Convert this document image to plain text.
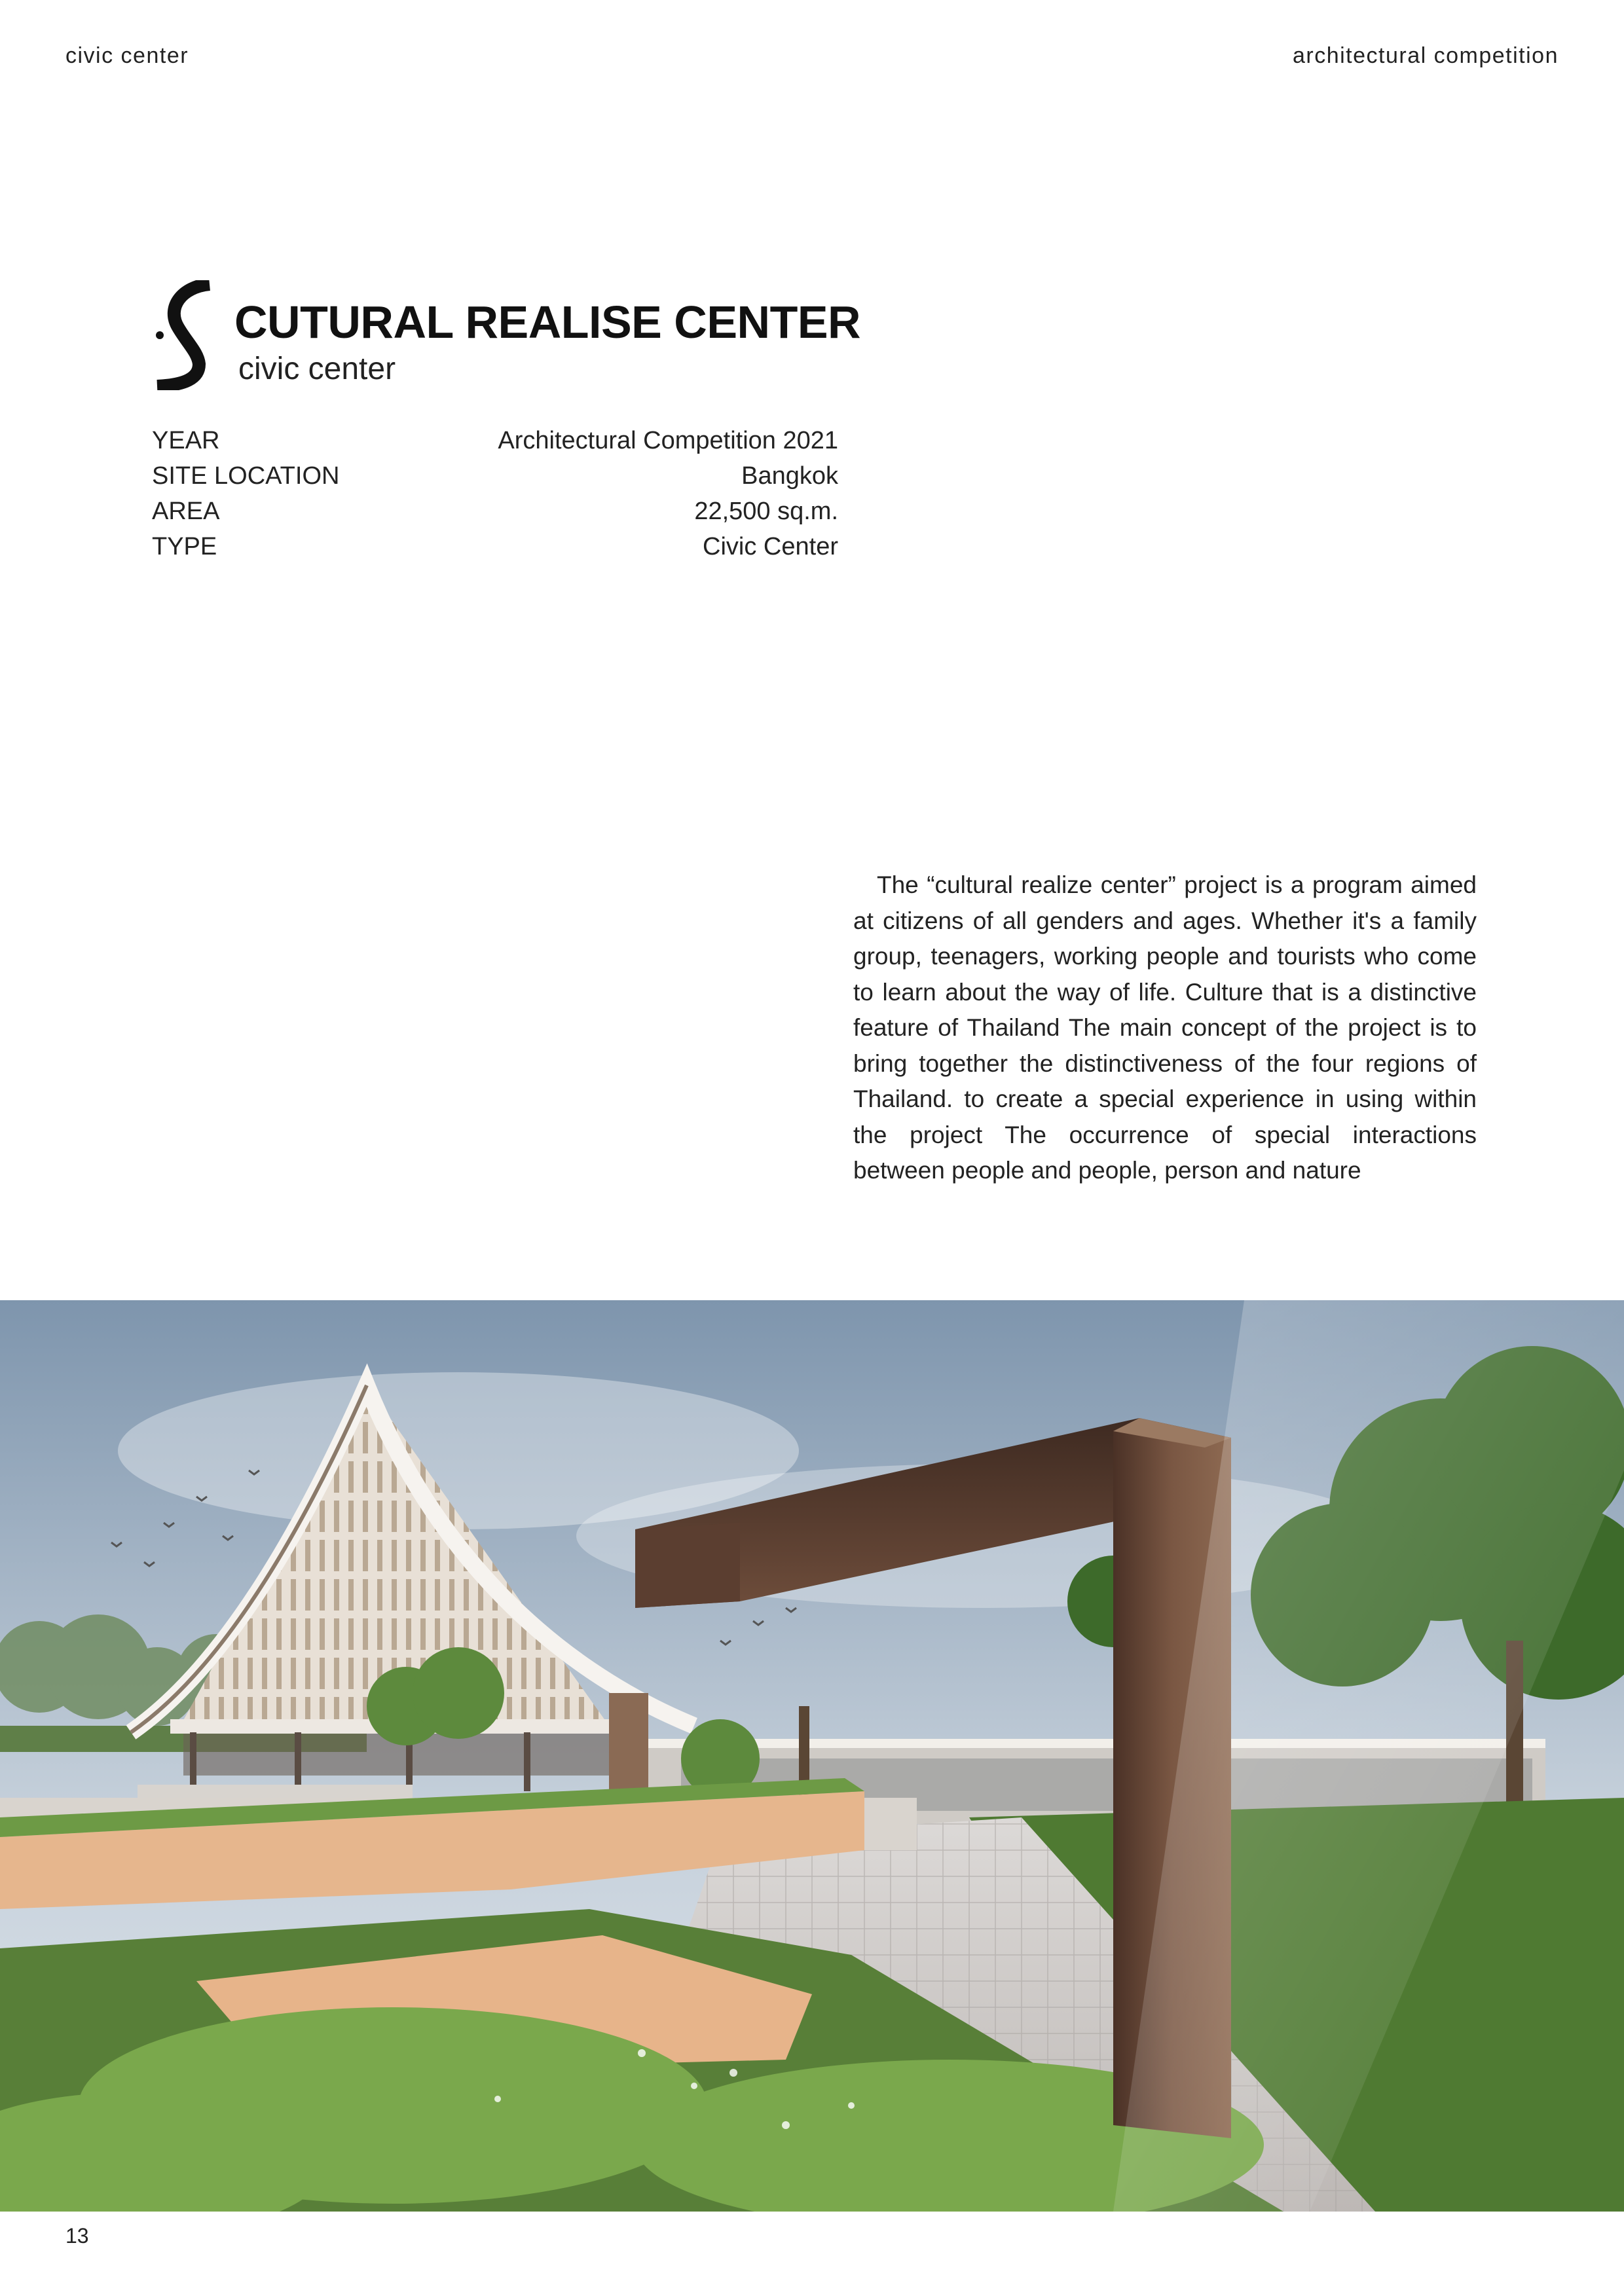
civic center	architectural competition
CUTURAL REALISE CENTER
civic center
YEAR	Architectural Competition 2021
SITE LOCATION	Bangkok
AREA	22,500 sq.m.
TYPE	Civic Center

The “cultural realize center” project is a program aimed at citizens of all genders and ages. Whether it's a family group, teenagers, working people and tourists who come to learn about the way of life. Culture that is a distinctive feature of Thailand The main concept of the project is to bring together the distinctiveness of the four regions of Thailand. to create a special experience in using within the project The occurrence of special interactions between people and people, person and nature

13
